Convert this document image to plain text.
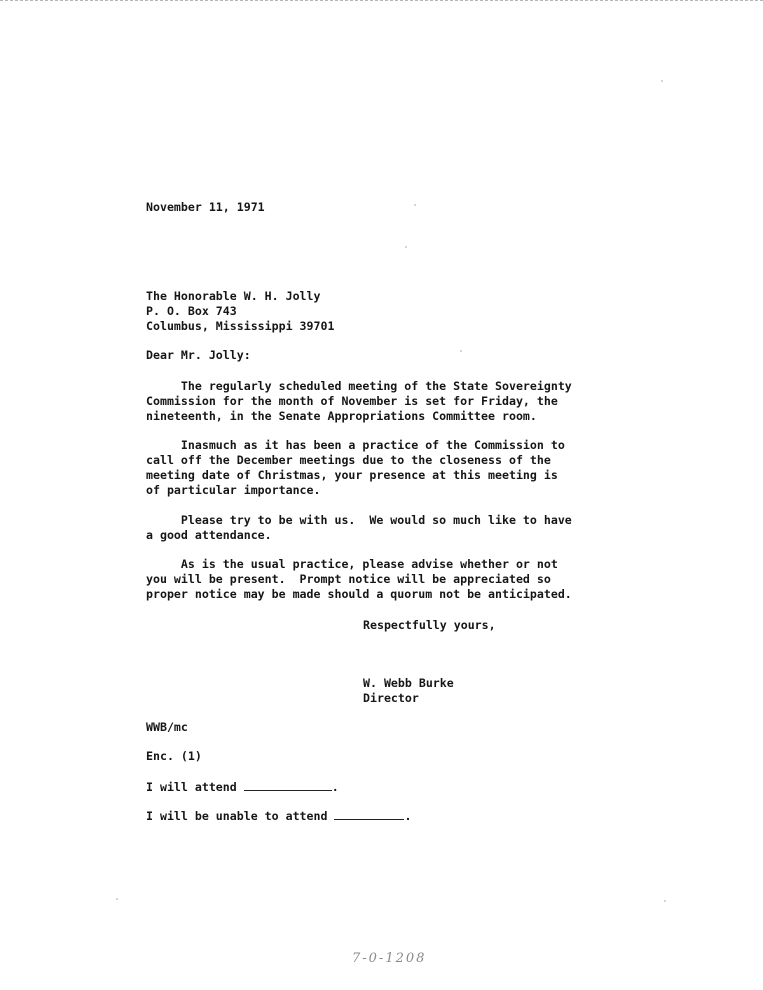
November 11, 1971
The Honorable W. H. Jolly
P. O. Box 743
Columbus, Mississippi 39701
Dear Mr. Jolly:
The regularly scheduled meeting of the State Sovereignty
Commission for the month of November is set for Friday, the
nineteenth, in the Senate Appropriations Committee room.
Inasmuch as it has been a practice of the Commission to
call off the December meetings due to the closeness of the
meeting date of Christmas, your presence at this meeting is
of particular importance.
Please try to be with us.  We would so much like to have
a good attendance.
As is the usual practice, please advise whether or not
you will be present.  Prompt notice will be appreciated so
proper notice may be made should a quorum not be anticipated.
Respectfully yours,
W. Webb Burke
Director
WWB/mc
Enc. (1)
I will attend	.
I will be unable to attend	.
7-0-1208
